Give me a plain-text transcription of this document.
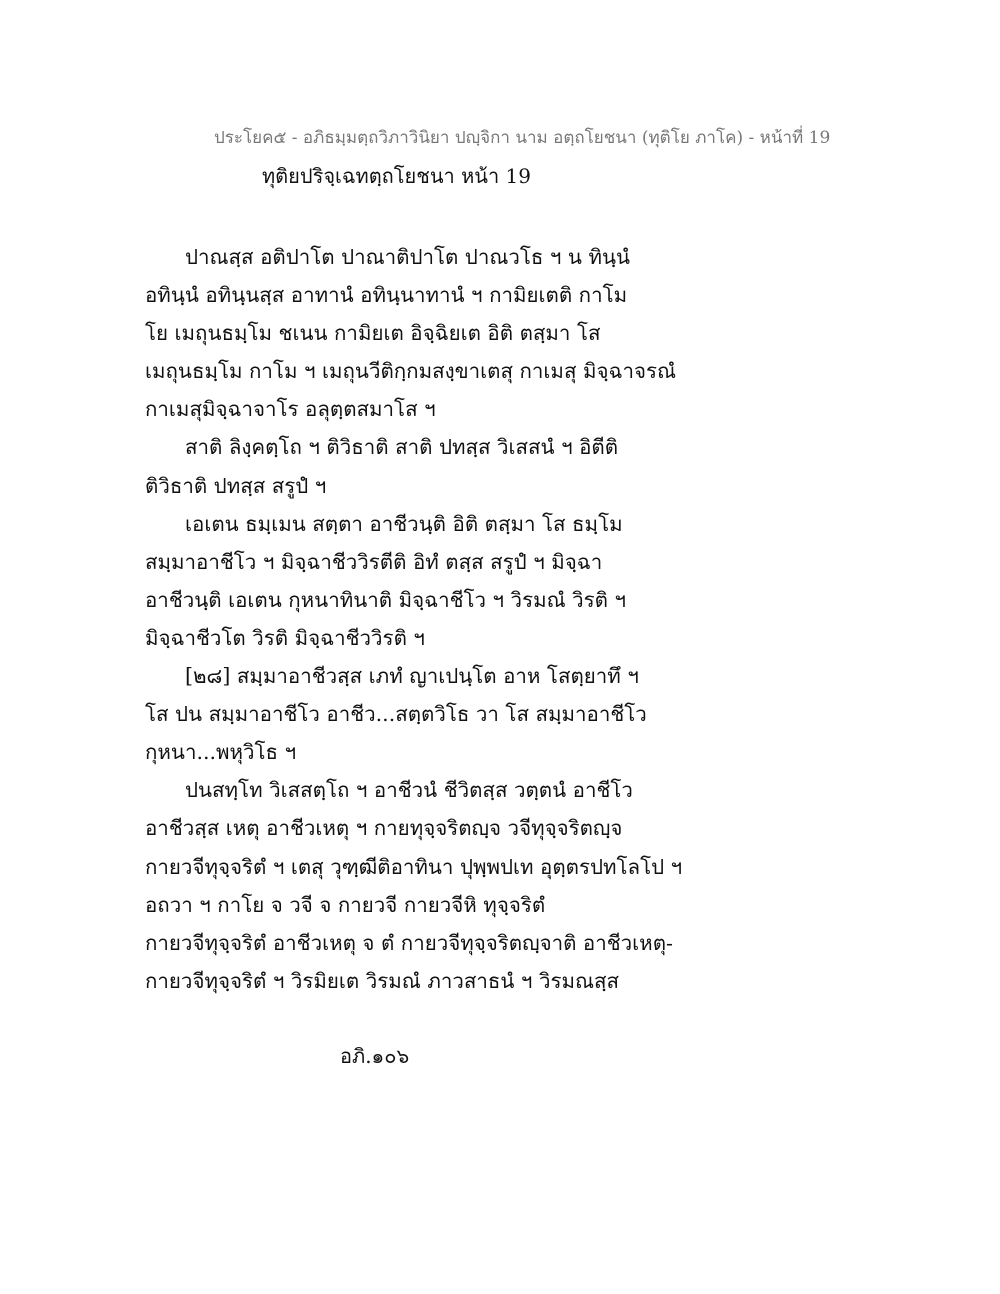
ประโยค๕ - อภิธมฺมตฺถวิภาวินิยา ปญฺจิกา นาม อตฺถโยชนา (ทุติโย ภาโค) - หน้าที่ 19
ทุติยปริจฺเฉทตฺถโยชนา หน้า 19
ปาณสฺส อติปาโต ปาณาติปาโต ปาณวโธ ฯ น ทินฺนํ
อทินฺนํ อทินฺนสฺส อาทานํ อทินฺนาทานํ ฯ กามิยเตติ กาโม
โย เมถุนธมฺโม ชเนน กามิยเต อิจฺฉิยเต อิติ ตสฺมา โส
เมถุนธมฺโม กาโม ฯ เมถุนวีติกฺกมสงฺขาเตสุ กาเมสุ มิจฺฉาจรณํ
กาเมสุมิจฺฉาจาโร อลุตฺตสมาโส ฯ
สาติ ลิงฺคตฺโถ ฯ ติวิธาติ สาติ ปทสฺส วิเสสนํ ฯ อิตีติ
ติวิธาติ ปทสฺส สรูปํ ฯ
เอเตน ธมฺเมน สตฺตา อาชีวนฺติ อิติ ตสฺมา โส ธมฺโม
สมฺมาอาชีโว ฯ มิจฺฉาชีววิรตีติ อิทํ ตสฺส สรูปํ ฯ มิจฺฉา
อาชีวนฺติ เอเตน กุหนาทินาติ มิจฺฉาชีโว ฯ วิรมณํ วิรติ ฯ
มิจฺฉาชีวโต วิรติ มิจฺฉาชีววิรติ ฯ
[๒๘] สมฺมาอาชีวสฺส เภทํ ญาเปนฺโต อาห โสตฺยาทึ ฯ
โส ปน สมฺมาอาชีโว อาชีว...สตฺตวิโธ วา โส สมฺมาอาชีโว
กุหนา...พหุวิโธ ฯ
ปนสทฺโท วิเสสตฺโถ ฯ อาชีวนํ ชีวิตสฺส วตฺตนํ อาชีโว
อาชีวสฺส เหตุ อาชีวเหตุ ฯ กายทุจฺจริตญฺจ วจีทุจฺจริตญฺจ
กายวจีทุจฺจริตํ ฯ เตสุ วุฑฺฒีติอาทินา ปุพฺพปเท อุตฺตรปทโลโป ฯ
อถวา ฯ กาโย จ วจี จ กายวจี กายวจีหิ ทุจฺจริตํ
กายวจีทุจฺจริตํ อาชีวเหตุ จ ตํ กายวจีทุจฺจริตญฺจาติ อาชีวเหตุ-
กายวจีทุจฺจริตํ ฯ วิรมิยเต วิรมณํ ภาวสาธนํ ฯ วิรมณสฺส
อภิ.๑๐๖
